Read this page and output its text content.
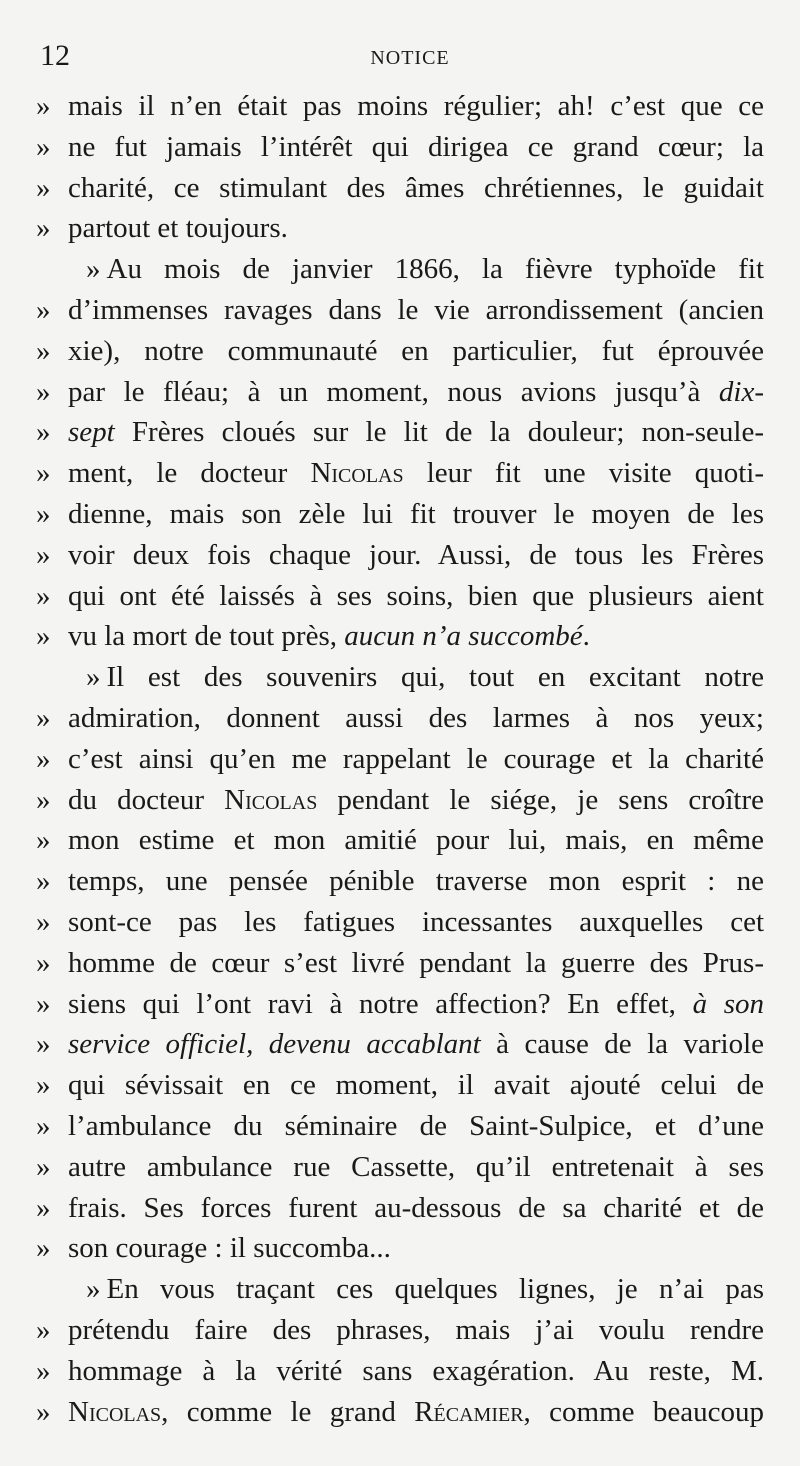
12	NOTICE
» mais il n’en était pas moins régulier; ah! c’est que ce
» ne fut jamais l’intérêt qui dirigea ce grand cœur; la
» charité, ce stimulant des âmes chrétiennes, le guidait
» partout et toujours.
» Au mois de janvier 1866, la fièvre typhoïde fit
» d’immenses ravages dans le vie arrondissement (ancien
» xie), notre communauté en particulier, fut éprouvée
» par le fléau; à un moment, nous avions jusqu’à dix-
» sept Frères cloués sur le lit de la douleur; non-seule-
» ment, le docteur Nicolas leur fit une visite quoti-
» dienne, mais son zèle lui fit trouver le moyen de les
» voir deux fois chaque jour. Aussi, de tous les Frères
» qui ont été laissés à ses soins, bien que plusieurs aient
» vu la mort de tout près, aucun n’a succombé.
» Il est des souvenirs qui, tout en excitant notre
» admiration, donnent aussi des larmes à nos yeux;
» c’est ainsi qu’en me rappelant le courage et la charité
» du docteur Nicolas pendant le siége, je sens croître
» mon estime et mon amitié pour lui, mais, en même
» temps, une pensée pénible traverse mon esprit : ne
» sont-ce pas les fatigues incessantes auxquelles cet
» homme de cœur s’est livré pendant la guerre des Prus-
» siens qui l’ont ravi à notre affection? En effet, à son
» service officiel, devenu accablant à cause de la variole
» qui sévissait en ce moment, il avait ajouté celui de
» l’ambulance du séminaire de Saint-Sulpice, et d’une
» autre ambulance rue Cassette, qu’il entretenait à ses
» frais. Ses forces furent au-dessous de sa charité et de
» son courage : il succomba...
» En vous traçant ces quelques lignes, je n’ai pas
» prétendu faire des phrases, mais j’ai voulu rendre
» hommage à la vérité sans exagération. Au reste, M.
» Nicolas, comme le grand Récamier, comme beaucoup
